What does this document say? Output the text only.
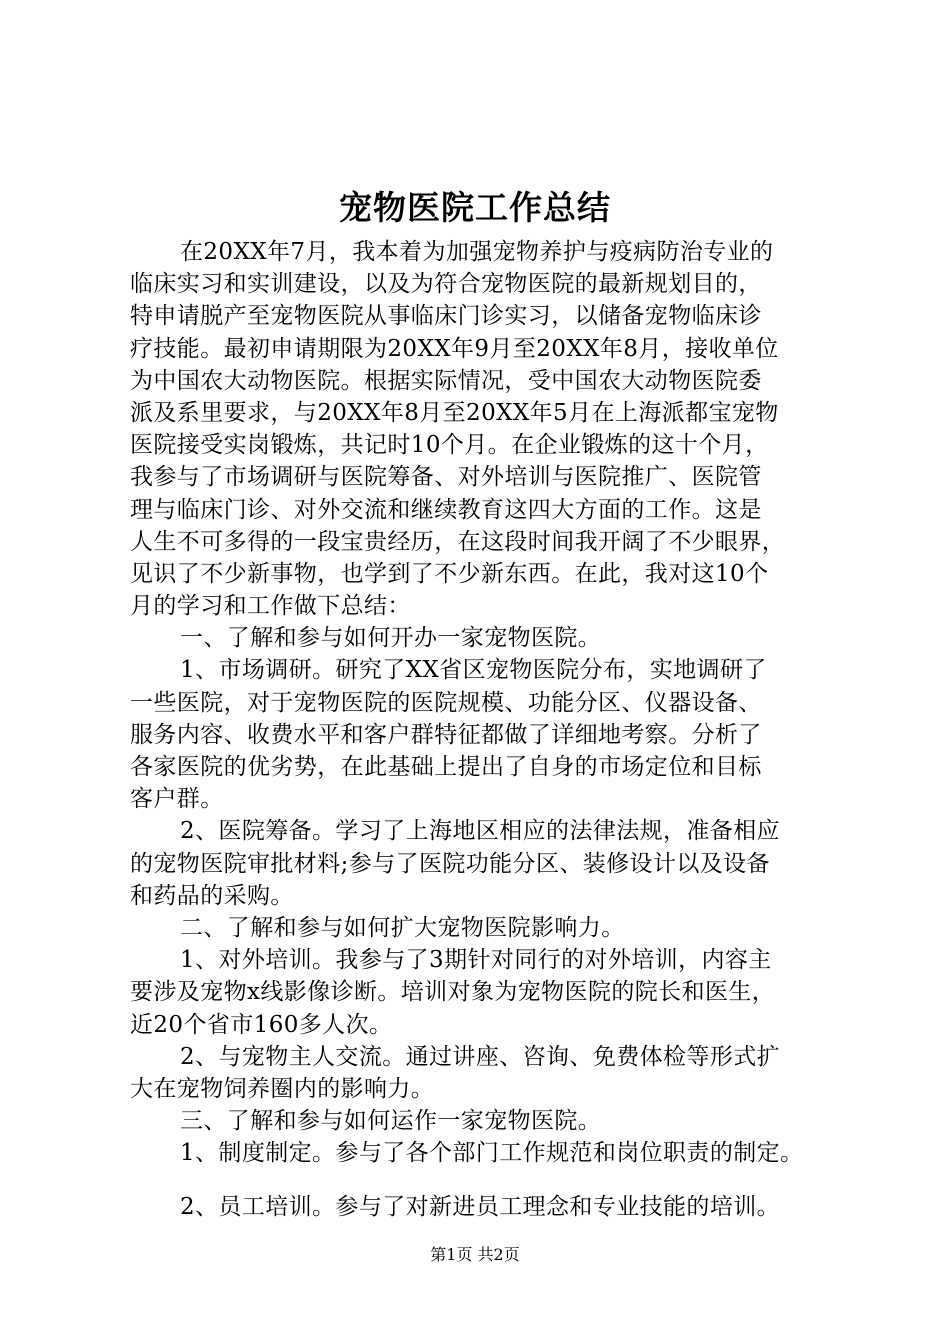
宠物医院工作总结
在20XX年7月，我本着为加强宠物养护与疫病防治专业的
临床实习和实训建设，以及为符合宠物医院的最新规划目的，
特申请脱产至宠物医院从事临床门诊实习，以储备宠物临床诊
疗技能。最初申请期限为20XX年9月至20XX年8月，接收单位
为中国农大动物医院。根据实际情况，受中国农大动物医院委
派及系里要求，与20XX年8月至20XX年5月在上海派都宝宠物
医院接受实岗锻炼，共记时10个月。在企业锻炼的这十个月，
我参与了市场调研与医院筹备、对外培训与医院推广、医院管
理与临床门诊、对外交流和继续教育这四大方面的工作。这是
人生不可多得的一段宝贵经历，在这段时间我开阔了不少眼界，
见识了不少新事物，也学到了不少新东西。在此，我对这10个
月的学习和工作做下总结：
一、了解和参与如何开办一家宠物医院。
1、市场调研。研究了XX省区宠物医院分布，实地调研了
一些医院，对于宠物医院的医院规模、功能分区、仪器设备、
服务内容、收费水平和客户群特征都做了详细地考察。分析了
各家医院的优劣势，在此基础上提出了自身的市场定位和目标
客户群。
2、医院筹备。学习了上海地区相应的法律法规，准备相应
的宠物医院审批材料;参与了医院功能分区、装修设计以及设备
和药品的采购。
二、了解和参与如何扩大宠物医院影响力。
1、对外培训。我参与了3期针对同行的对外培训，内容主
要涉及宠物x线影像诊断。培训对象为宠物医院的院长和医生，
近20个省市160多人次。
2、与宠物主人交流。通过讲座、咨询、免费体检等形式扩
大在宠物饲养圈内的影响力。
三、了解和参与如何运作一家宠物医院。
1、制度制定。参与了各个部门工作规范和岗位职责的制定。
2、员工培训。参与了对新进员工理念和专业技能的培训。
第1页 共2页
